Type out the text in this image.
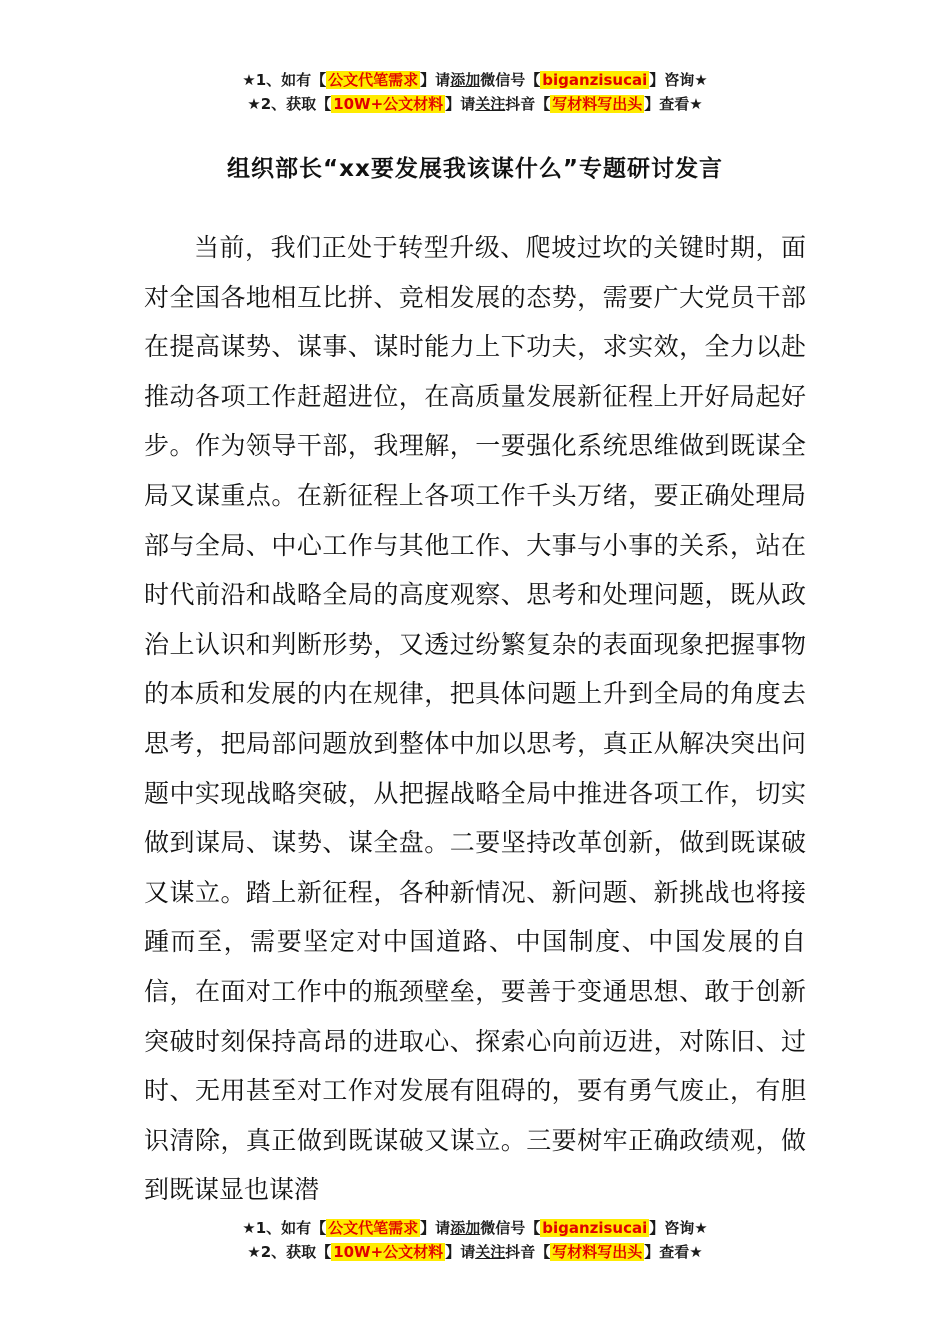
★1、如有【 公文代笔需求 】请添加微信号【 biganzisucai 】咨询★
★2、获取【 10W+公文材料 】请关注抖音【 写材料写出头 】查看★
组织部长“xx要发展我该谋什么”专题研讨发言

当前，我们正处于转型升级、爬坡过坎的关键时期，面对全国各地相互比拼、竞相发展的态势，需要广大党员干部在提高谋势、谋事、谋时能力上下功夫，求实效，全力以赴推动各项工作赶超进位，在高质量发展新征程上开好局起好步。作为领导干部，我理解，一要强化系统思维做到既谋全局又谋重点。在新征程上各项工作千头万绪，要正确处理局部与全局、中心工作与其他工作、大事与小事的关系，站在时代前沿和战略全局的高度观察、思考和处理问题，既从政治上认识和判断形势，又透过纷繁复杂的表面现象把握事物的本质和发展的内在规律，把具体问题上升到全局的角度去思考，把局部问题放到整体中加以思考，真正从解决突出问题中实现战略突破，从把握战略全局中推进各项工作，切实做到谋局、谋势、谋全盘。二要坚持改革创新，做到既谋破又谋立。踏上新征程，各种新情况、新问题、新挑战也将接踵而至，需要坚定对中国道路、中国制度、中国发展的自信，在面对工作中的瓶颈壁垒，要善于变通思想、敢于创新突破时刻保持高昂的进取心、探索心向前迈进，对陈旧、过时、无用甚至对工作对发展有阻碍的，要有勇气废止，有胆识清除，真正做到既谋破又谋立。三要树牢正确政绩观，做到既谋显也谋潜

★1、如有【 公文代笔需求 】请添加微信号【 biganzisucai 】咨询★
★2、获取【 10W+公文材料 】请关注抖音【 写材料写出头 】查看★
